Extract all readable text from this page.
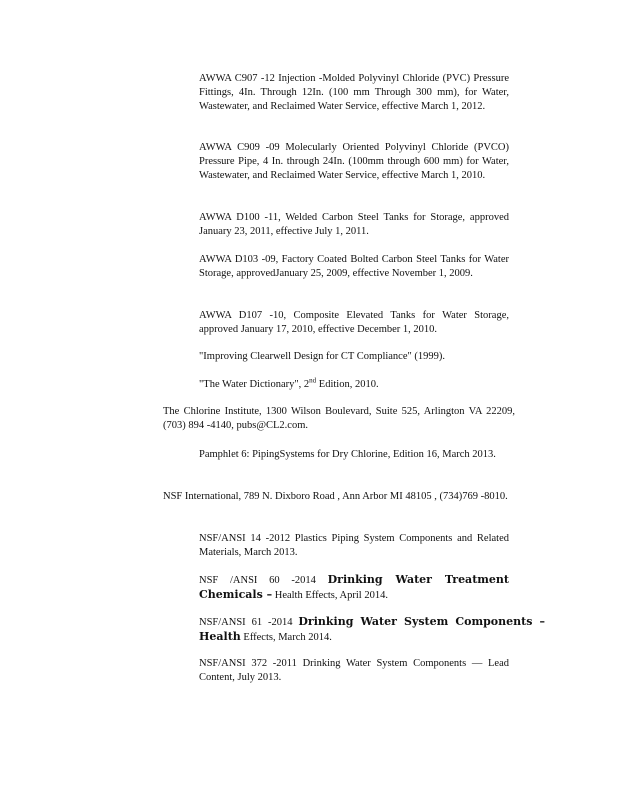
AWWA C907 -12 Injection -Molded Polyvinyl Chloride (PVC) Pressure Fittings, 4In. Through 12In. (100 mm Through 300 mm), for Water, Wastewater, and Reclaimed Water Service, effective March 1, 2012.

AWWA C909 -09 Molecularly Oriented Polyvinyl Chloride (PVCO) Pressure Pipe, 4 In. through 24In. (100mm through 600 mm) for Water, Wastewater, and Reclaimed Water Service, effective March 1, 2010.

AWWA D100 -11, Welded Carbon Steel Tanks for Storage, approved January 23, 2011, effective July 1, 2011.

AWWA D103 -09, Factory Coated Bolted Carbon Steel Tanks for Water Storage, approvedJanuary 25, 2009, effective November 1, 2009.

AWWA D107 -10, Composite Elevated Tanks for Water Storage, approved January 17, 2010, effective December 1, 2010.

"Improving Clearwell Design for CT Compliance" (1999).

"The Water Dictionary", 2nd Edition, 2010.

The Chlorine Institute, 1300 Wilson Boulevard, Suite 525, Arlington VA 22209, (703) 894 -4140, pubs@CL2.com.

Pamphlet 6: PipingSystems for Dry Chlorine, Edition 16, March 2013.

NSF International, 789 N. Dixboro Road , Ann Arbor MI 48105 , (734)769 -8010.

NSF/ANSI 14 -2012 Plastics Piping System Components and Related Materials, March 2013.

NSF /ANSI 60 -2014 Drinking Water Treatment Chemicals – Health Effects, April 2014.

NSF/ANSI 61 -2014 Drinking Water System Components – Health Effects, March 2014.

NSF/ANSI 372 -2011 Drinking Water System Components — Lead Content, July 2013.
